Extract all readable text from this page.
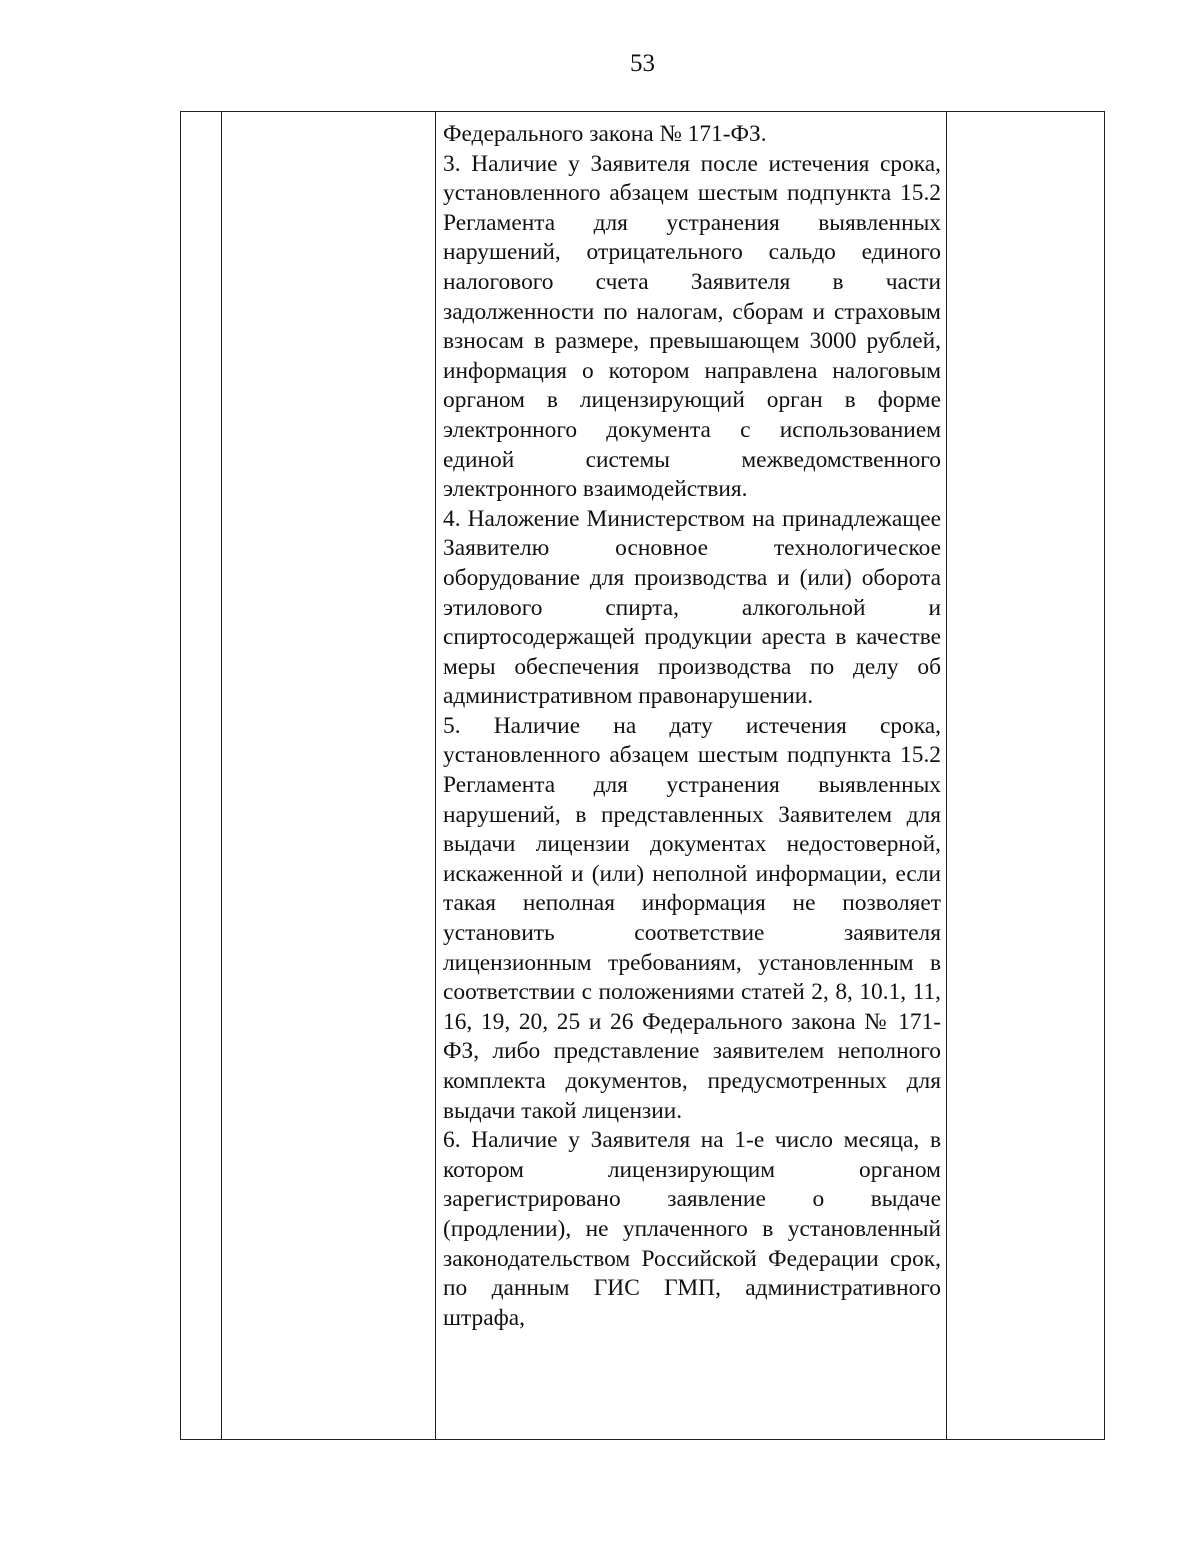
53

Федерального закона № 171-ФЗ.

3. Наличие у Заявителя после истечения срока, установленного абзацем шестым подпункта 15.2 Регламента для устранения выявленных нарушений, отрицательного сальдо единого налогового счета Заявителя в части задолженности по налогам, сборам и страховым взносам в размере, превышающем 3000 рублей, информация о котором направлена налоговым органом в лицензирующий орган в форме электронного документа с использованием единой системы межведомственного электронного взаимодействия.

4. Наложение Министерством на принадлежащее Заявителю основное технологическое оборудование для производства и (или) оборота этилового спирта, алкогольной и спиртосодержащей продукции ареста в качестве меры обеспечения производства по делу об административном правонарушении.

5. Наличие на дату истечения срока, установленного абзацем шестым подпункта 15.2 Регламента для устранения выявленных нарушений, в представленных Заявителем для выдачи лицензии документах недостоверной, искаженной и (или) неполной информации, если такая неполная информация не позволяет установить соответствие заявителя лицензионным требованиям, установленным в соответствии с положениями статей 2, 8, 10.1, 11, 16, 19, 20, 25 и 26 Федерального закона № 171-ФЗ, либо представление заявителем неполного комплекта документов, предусмотренных для выдачи такой лицензии.

6. Наличие у Заявителя на 1-е число месяца, в котором лицензирующим органом зарегистрировано заявление о выдаче (продлении), не уплаченного в установленный законодательством Российской Федерации срок, по данным ГИС ГМП, административного штрафа,
